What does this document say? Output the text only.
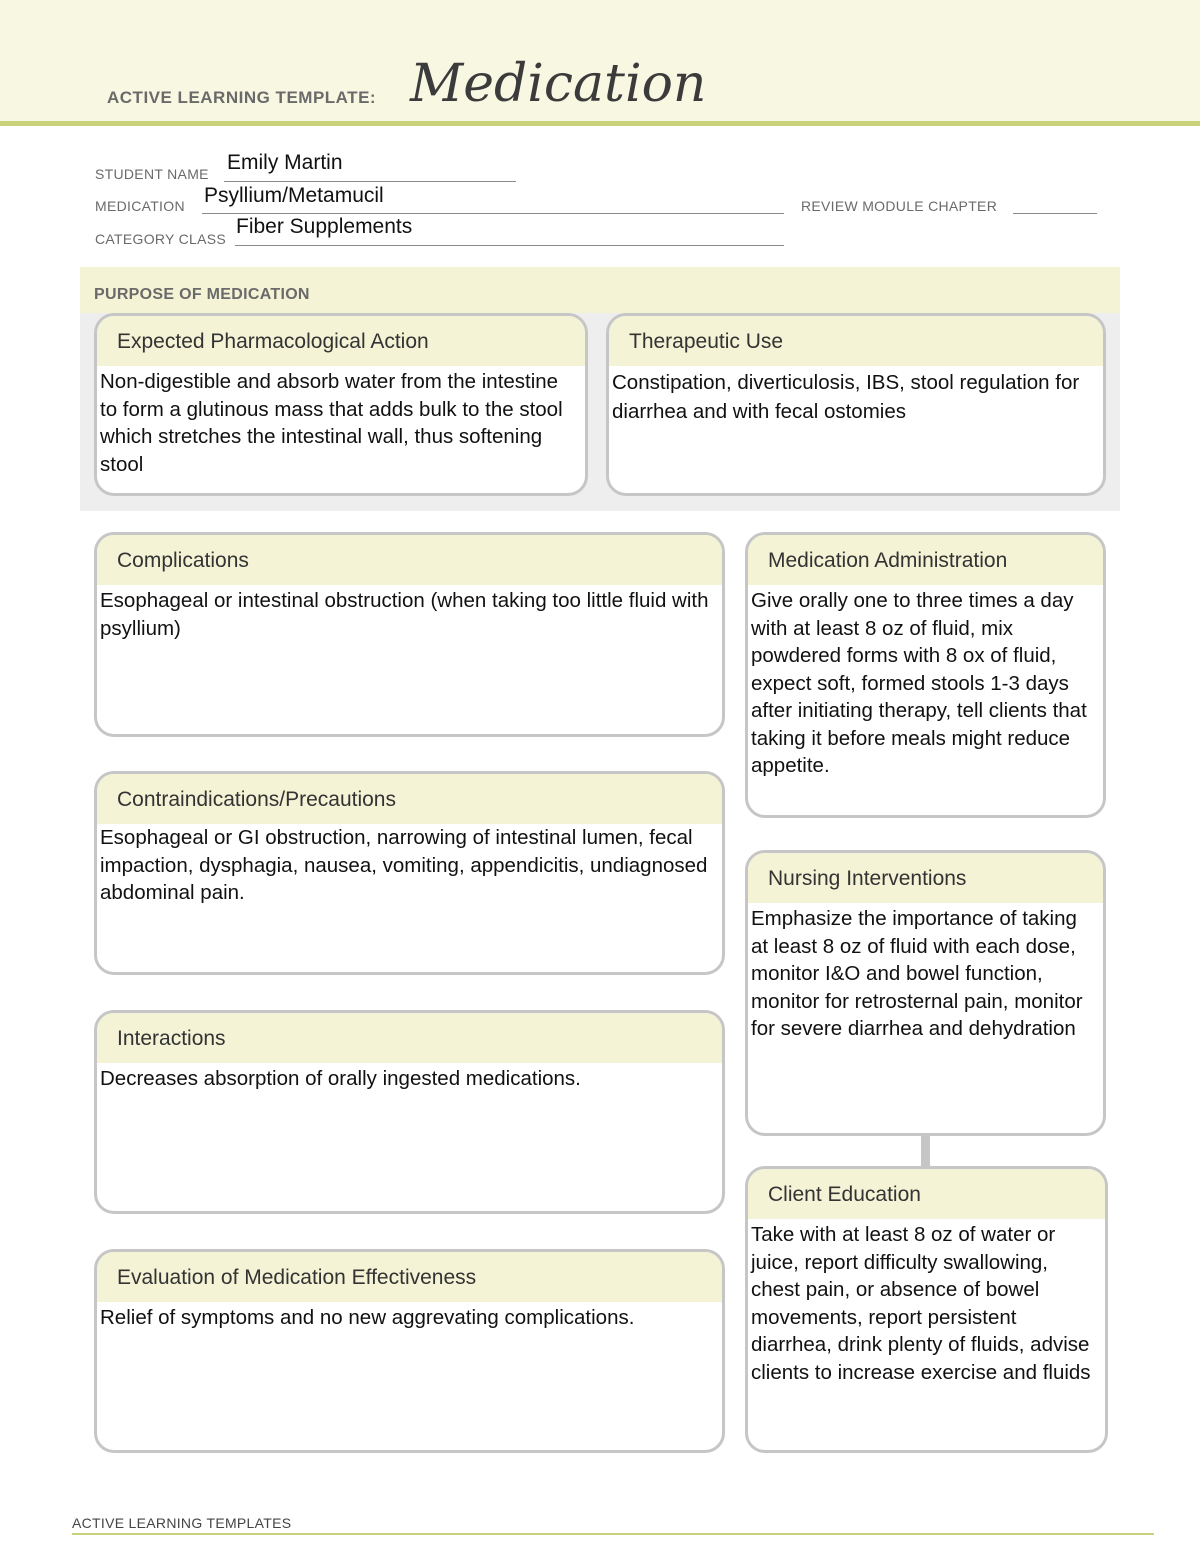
ACTIVE LEARNING TEMPLATE: Medication
STUDENT NAME Emily Martin
MEDICATION Psyllium/Metamucil	REVIEW MODULE CHAPTER
CATEGORY CLASS
Fiber Supplements
PURPOSE OF MEDICATION
Expected Pharmacological Action
Non-digestible and absorb water from the intestine to form a glutinous mass that adds bulk to the stool which stretches the intestinal wall, thus softening stool
Therapeutic Use
Constipation, diverticulosis, IBS, stool regulation for diarrhea and with fecal ostomies
Complications
Esophageal or intestinal obstruction (when taking too little fluid with psyllium)
Contraindications/Precautions
Esophageal or GI obstruction, narrowing of intestinal lumen, fecal impaction, dysphagia, nausea, vomiting, appendicitis, undiagnosed abdominal pain.
Interactions
Decreases absorption of orally ingested medications.
Evaluation of Medication Effectiveness
Relief of symptoms and no new aggrevating complications.
Medication Administration
Give orally one to three times a day with at least 8 oz of fluid, mix powdered forms with 8 ox of fluid, expect soft, formed stools 1-3 days after initiating therapy, tell clients that taking it before meals might reduce appetite.
Nursing Interventions
Emphasize the importance of taking at least 8 oz of fluid with each dose, monitor I&O and bowel function, monitor for retrosternal pain, monitor for severe diarrhea and dehydration
Client Education
Take with at least 8 oz of water or juice, report difficulty swallowing, chest pain, or absence of bowel movements, report persistent diarrhea, drink plenty of fluids, advise clients to increase exercise and fluids
ACTIVE LEARNING TEMPLATES
